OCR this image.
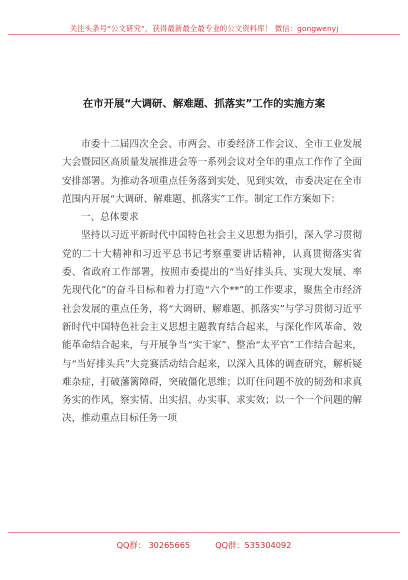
关注头条号“公文研究”，获得最新最全最专业的公文资料库！ 微信：gongwenyj
在市开展“大调研、解难题、抓落实”工作的实施方案

市委十二届四次全会、市两会、市委经济工作会议、全市工业发展大会暨园区高质量发展推进会等一系列会议对全年的重点工作作了全面安排部署。为推动各项重点任务落到实处、见到实效，市委决定在全市范围内开展“大调研、解难题、抓落实”工作。制定工作方案如下：

一、总体要求

坚持以习近平新时代中国特色社会主义思想为指引，深入学习贯彻党的二十大精神和习近平总书记考察重要讲话精神，认真贯彻落实省委、省政府工作部署，按照市委提出的“当好排头兵、实现大发展、率先现代化”的奋斗目标和着力打造“六个**”的工作要求，聚焦全市经济社会发展的重点任务，将“大调研、解难题、抓落实”与学习贯彻习近平新时代中国特色社会主义思想主题教育结合起来，与深化作风革命、效能革命结合起来，与开展争当“实干家”、整治“太平官”工作结合起来，与“当好排头兵”大竞赛活动结合起来，以深入具体的调查研究，解析疑难杂症，打破藩篱障碍，突破僵化思维；以盯住问题不放的韧劲和求真务实的作风，察实情、出实招、办实事、求实效；以一个一个问题的解决，推动重点目标任务一项

QQ群： 30265665	QQ群：535304092
